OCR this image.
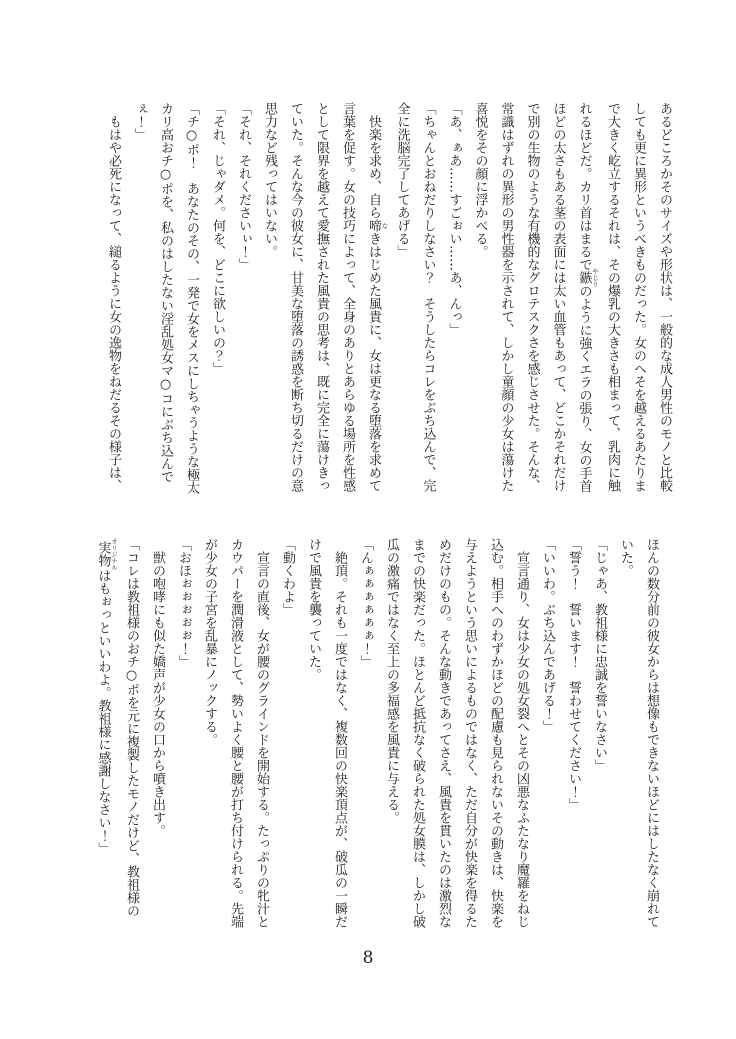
あるどころかそのサイズや形状は、一般的な成人男性のモノと比較
しても更に異形というべきものだった。女のへそを越えるあたりま
で大きく屹立するそれは、その爆乳の大きさも相まって、乳肉に触
れるほどだ。カリ首はまるで鏃 やじりのように強くエラの張り、女の手首
ほどの太さもある茎の表面には太い血管もあって、どこかそれだけ
で別の生物のような有機的なグロテスクさを感じさせた。そんな、
常識はずれの異形の男性器を示されて、しかし童顔の少女は蕩けた
喜悦をその顔に浮かべる。
「あ、ぁあ……すごぉい……あ、んっ」
「ちゃんとおねだりしなさい？　そうしたらコレをぶち込んで、完
全に洗脳完了してあげる」
快楽を求め、自ら啼 なきはじめた風貴に、女は更なる堕落を求めて
言葉を促す。女の技巧によって、全身のありとあらゆる場所を性感
として限界を越えて愛撫された風貴の思考は、既に完全に蕩けきっ
ていた。そんな今の彼女に、甘美な堕落の誘惑を断ち切るだけの意
思力など残ってはいない。
「それ、それくださいぃ！」
「それ、じゃダメ。何を、どこに欲しいの？」
「チ○ポ！　あなたのその、一発で女をメスにしちゃうような極太
カリ高おチ○ポを、私のはしたない淫乱処女マ○コにぶち込んで
ぇ！」
もはや必死になって、縋るように女の逸物をねだるその様子は、
ほんの数分前の彼女からは想像もできないほどにはしたなく崩れて
いた。
「じゃあ、教祖様に忠誠を誓いなさい」
「誓う！　誓います！　誓わせてください！」
「いいわ。ぶち込んであげる！」
宣言通り、女は少女の処女裂へとその凶悪なふたなり魔羅をねじ
込む。相手へのわずかほどの配慮も見られないその動きは、快楽を
与えようという思いによるものではなく、ただ自分が快楽を得るた
めだけのもの。そんな動きであってさえ、風貴を貫いたのは激烈な
までの快楽だった。ほとんど抵抗なく破られた処女膜は、しかし破
瓜の激痛ではなく至上の多福感を風貴に与える。
「んぁぁぁぁぁぁ！」
絶頂。それも一度ではなく、複数回の快楽頂点が、破瓜の一瞬だ
けで風貴を襲っていた。
「動くわよ」
宣言の直後、女が腰のグラインドを開始する。たっぷりの牝汁と
カウパーを潤滑液として、勢いよく腰と腰が打ち付けられる。先端
が少女の子宮を乱暴にノックする。
「おほぉぉぉぉぉ！」
獣の咆哮にも似た嬌声が少女の口から噴き出す。
「コレは教祖様のおチ○ポを元に複製したモノだけど、教祖様の
実物 オリジナルはもぉっといいわよ。教祖様に感謝しなさい！」
8
